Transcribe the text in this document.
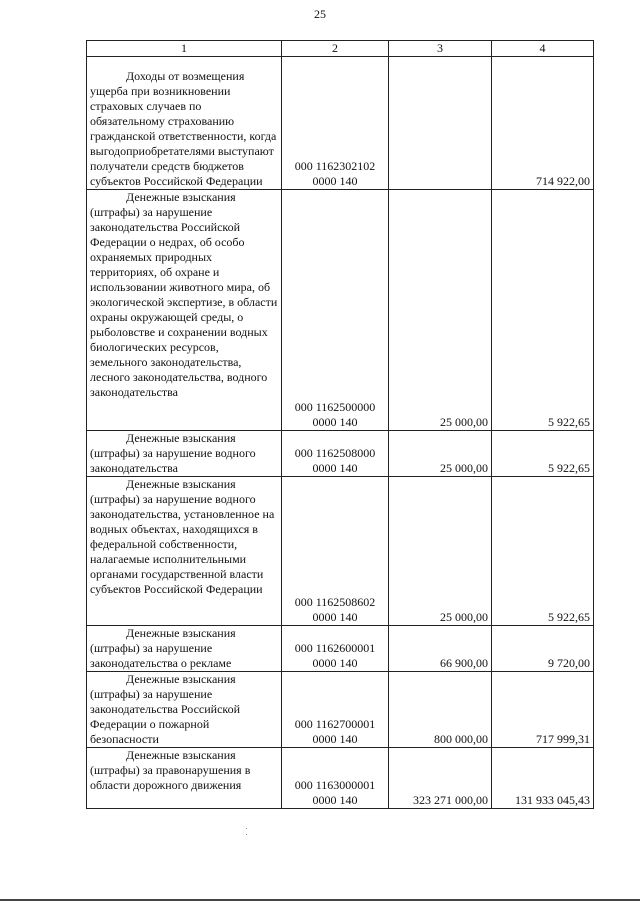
25
1	2	3	4
Доходы от возмещения ущерба при возникновении страховых случаев по обязательному страхованию гражданской ответственности, когда выгодоприобретателями выступают получатели средств бюджетов субъектов Российской Федерации	000 1162302102
0000 140		714 922,00
Денежные взыскания (штрафы) за нарушение законодательства Российской Федерации о недрах, об особо охраняемых природных территориях, об охране и использовании животного мира, об экологической экспертизе, в области охраны окружающей среды, о рыболовстве и сохранении водных биологических ресурсов, земельного законодательства, лесного законодательства, водного законодательства	000 1162500000
0000 140	25 000,00	5 922,65
Денежные взыскания (штрафы) за нарушение водного законодательства	000 1162508000
0000 140	25 000,00	5 922,65
Денежные взыскания (штрафы) за нарушение водного законодательства, установленное на водных объектах, находящихся в федеральной собственности, налагаемые исполнительными органами государственной власти субъектов Российской Федерации	000 1162508602
0000 140	25 000,00	5 922,65
Денежные взыскания (штрафы) за нарушение законодательства о рекламе	000 1162600001
0000 140	66 900,00	9 720,00
Денежные взыскания (штрафы) за нарушение законодательства Российской Федерации о пожарной безопасности	000 1162700001
0000 140	800 000,00	717 999,31
Денежные взыскания (штрафы) за правонарушения в области дорожного движения	000 1163000001
0000 140	323 271 000,00	131 933 045,43
